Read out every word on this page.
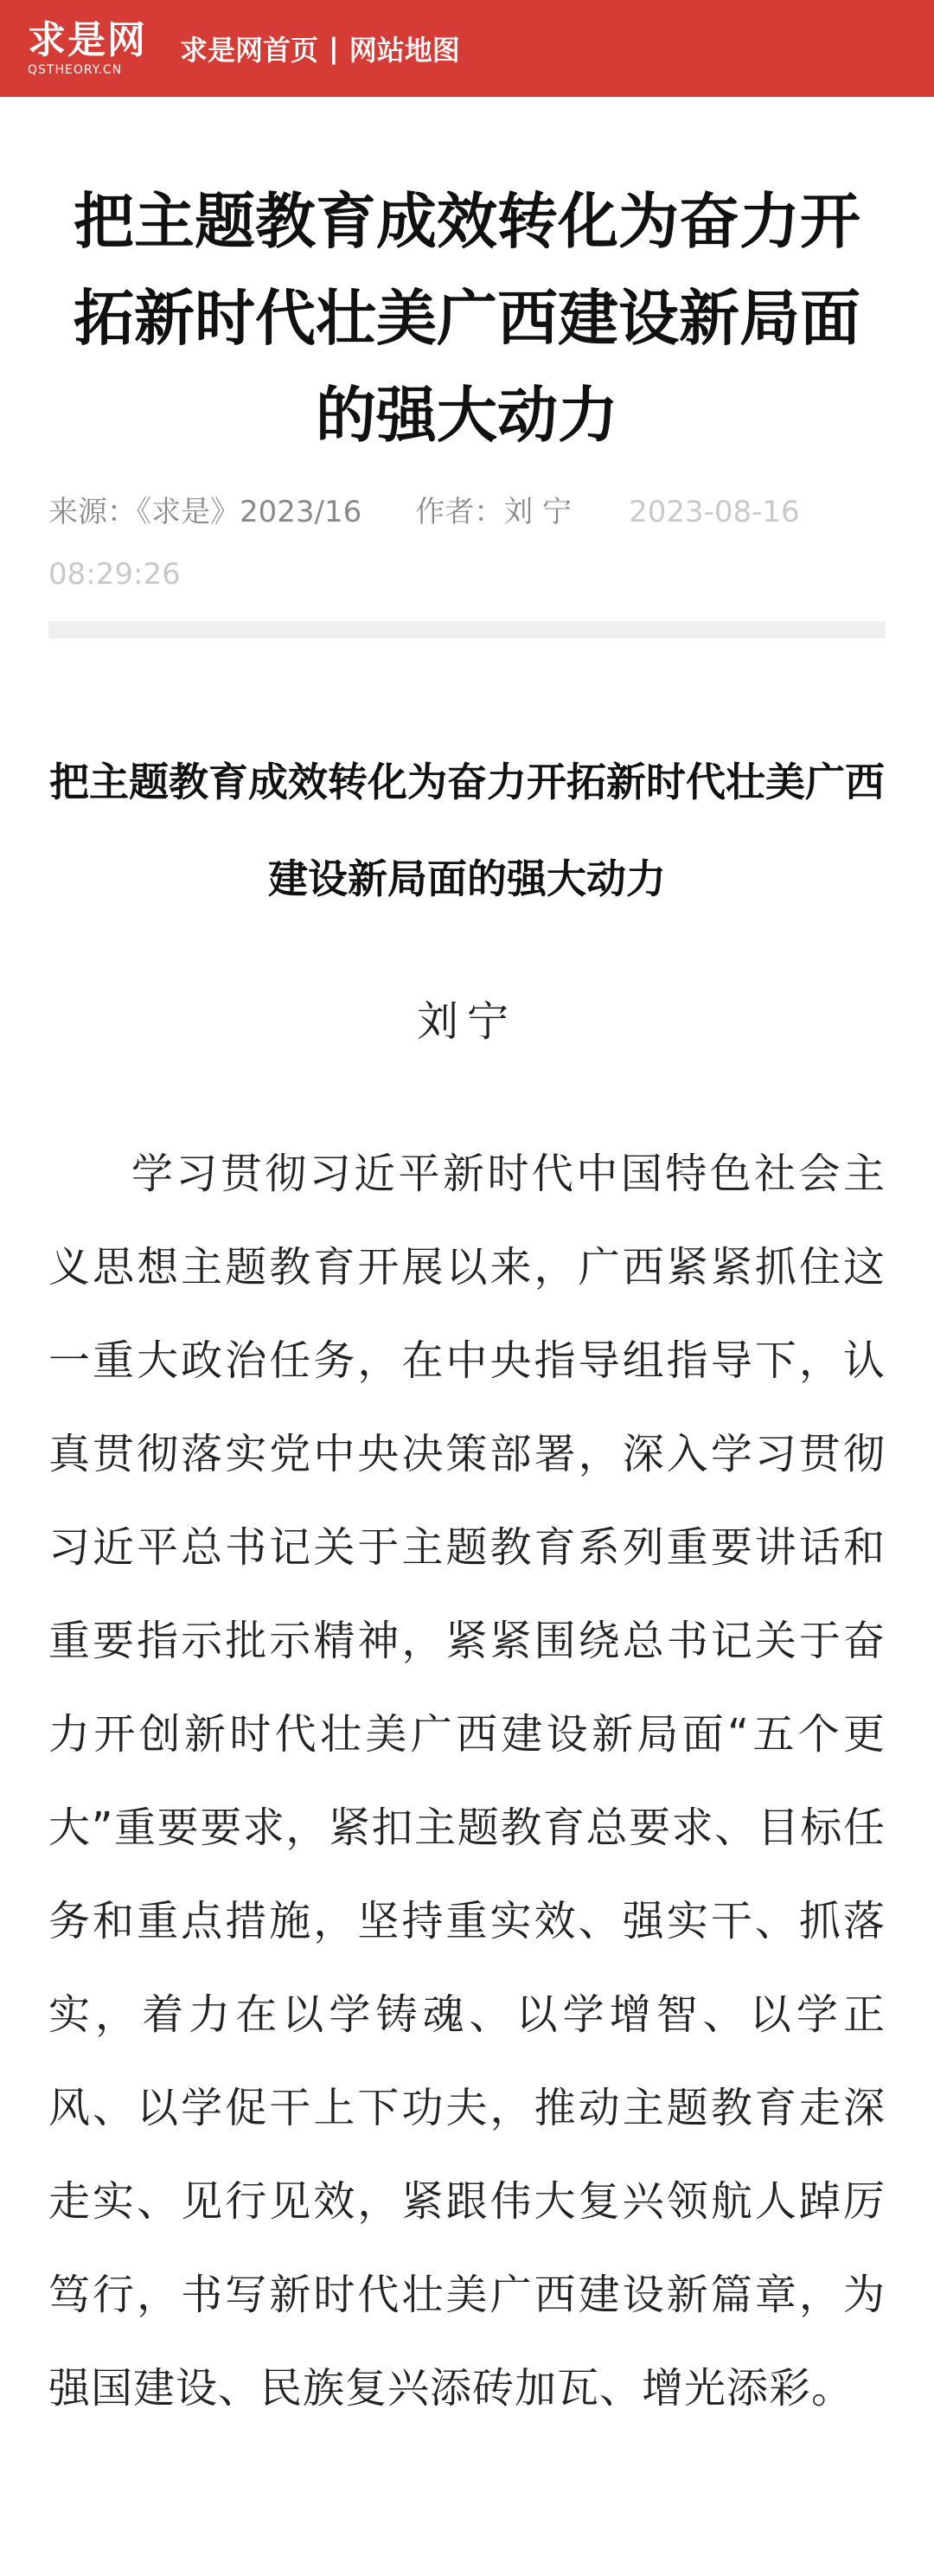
求是网
QSTHEORY.CN
求是网首页 | 网站地图
把主题教育成效转化为奋力开拓新时代壮美广西建设新局面的强大动力
来源：《求是》2023/16 作者：刘 宁 2023-08-16 08:29:26
把主题教育成效转化为奋力开拓新时代壮美广西建设新局面的强大动力
刘宁

学习贯彻习近平新时代中国特色社会主义思想主题教育开展以来，广西紧紧抓住这一重大政治任务，在中央指导组指导下，认真贯彻落实党中央决策部署，深入学习贯彻习近平总书记关于主题教育系列重要讲话和重要指示批示精神，紧紧围绕总书记关于奋力开创新时代壮美广西建设新局面“五个更大”重要要求，紧扣主题教育总要求、目标任务和重点措施，坚持重实效、强实干、抓落实，着力在以学铸魂、以学增智、以学正风、以学促干上下功夫，推动主题教育走深走实、见行见效，紧跟伟大复兴领航人踔厉笃行，书写新时代壮美广西建设新篇章，为强国建设、民族复兴添砖加瓦、增光添彩。
